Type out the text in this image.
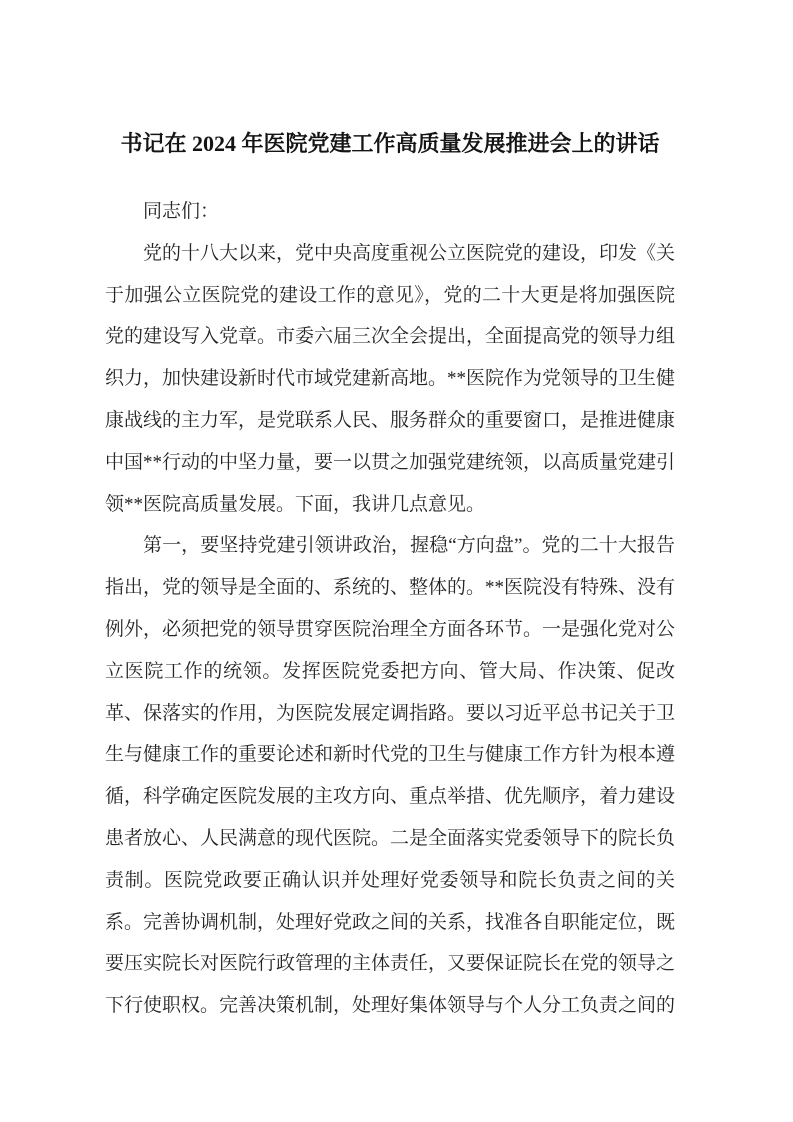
书记在 2024 年医院党建工作高质量发展推进会上的讲话

同志们：

党的十八大以来，党中央高度重视公立医院党的建设，印发《关于加强公立医院党的建设工作的意见》，党的二十大更是将加强医院党的建设写入党章。市委六届三次全会提出，全面提高党的领导力组织力，加快建设新时代市域党建新高地。**医院作为党领导的卫生健康战线的主力军，是党联系人民、服务群众的重要窗口，是推进健康中国**行动的中坚力量，要一以贯之加强党建统领，以高质量党建引领**医院高质量发展。下面，我讲几点意见。

第一，要坚持党建引领讲政治，握稳“方向盘”。党的二十大报告指出，党的领导是全面的、系统的、整体的。**医院没有特殊、没有例外，必须把党的领导贯穿医院治理全方面各环节。一是强化党对公立医院工作的统领。发挥医院党委把方向、管大局、作决策、促改革、保落实的作用，为医院发展定调指路。要以习近平总书记关于卫生与健康工作的重要论述和新时代党的卫生与健康工作方针为根本遵循，科学确定医院发展的主攻方向、重点举措、优先顺序，着力建设患者放心、人民满意的现代医院。二是全面落实党委领导下的院长负责制。医院党政要正确认识并处理好党委领导和院长负责之间的关系。完善协调机制，处理好党政之间的关系，找准各自职能定位，既要压实院长对医院行政管理的主体责任，又要保证院长在党的领导之下行使职权。完善决策机制，处理好集体领导与个人分工负责之间的
